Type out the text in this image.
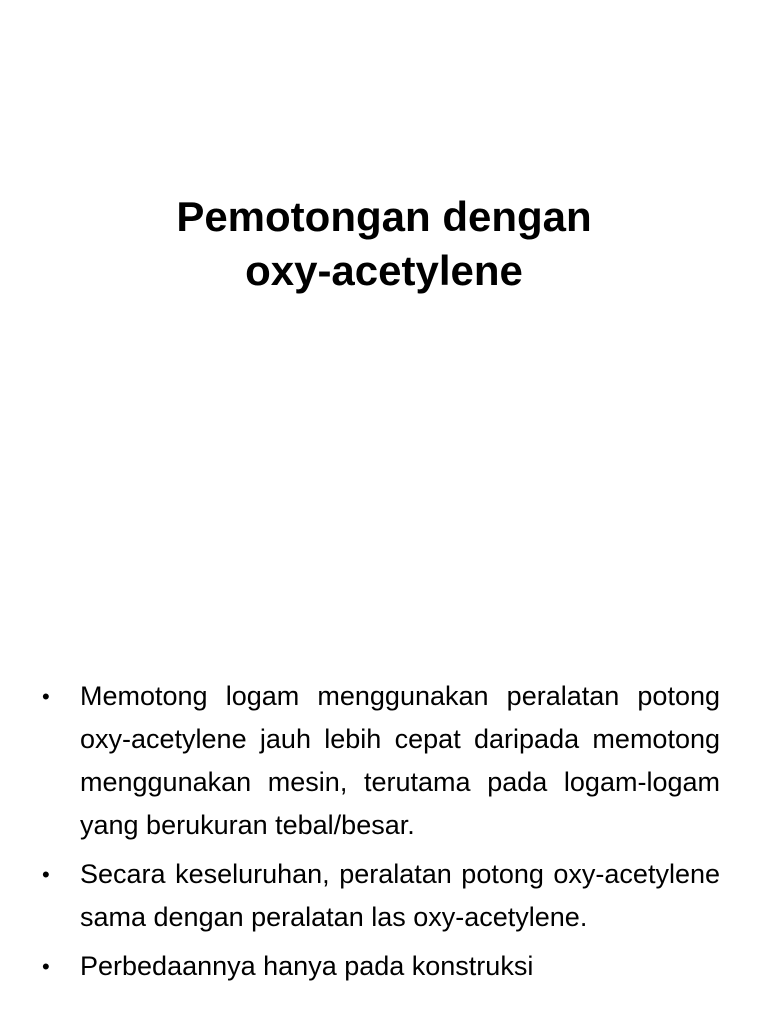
Pemotongan dengan
oxy-acetylene
• Memotong logam menggunakan peralatan potong oxy-acetylene jauh lebih cepat daripada memotong menggunakan mesin, terutama pada logam-logam yang berukuran tebal/besar.
• Secara keseluruhan, peralatan potong oxy-acetylene sama dengan peralatan las oxy-acetylene.
• Perbedaannya hanya pada konstruksi
